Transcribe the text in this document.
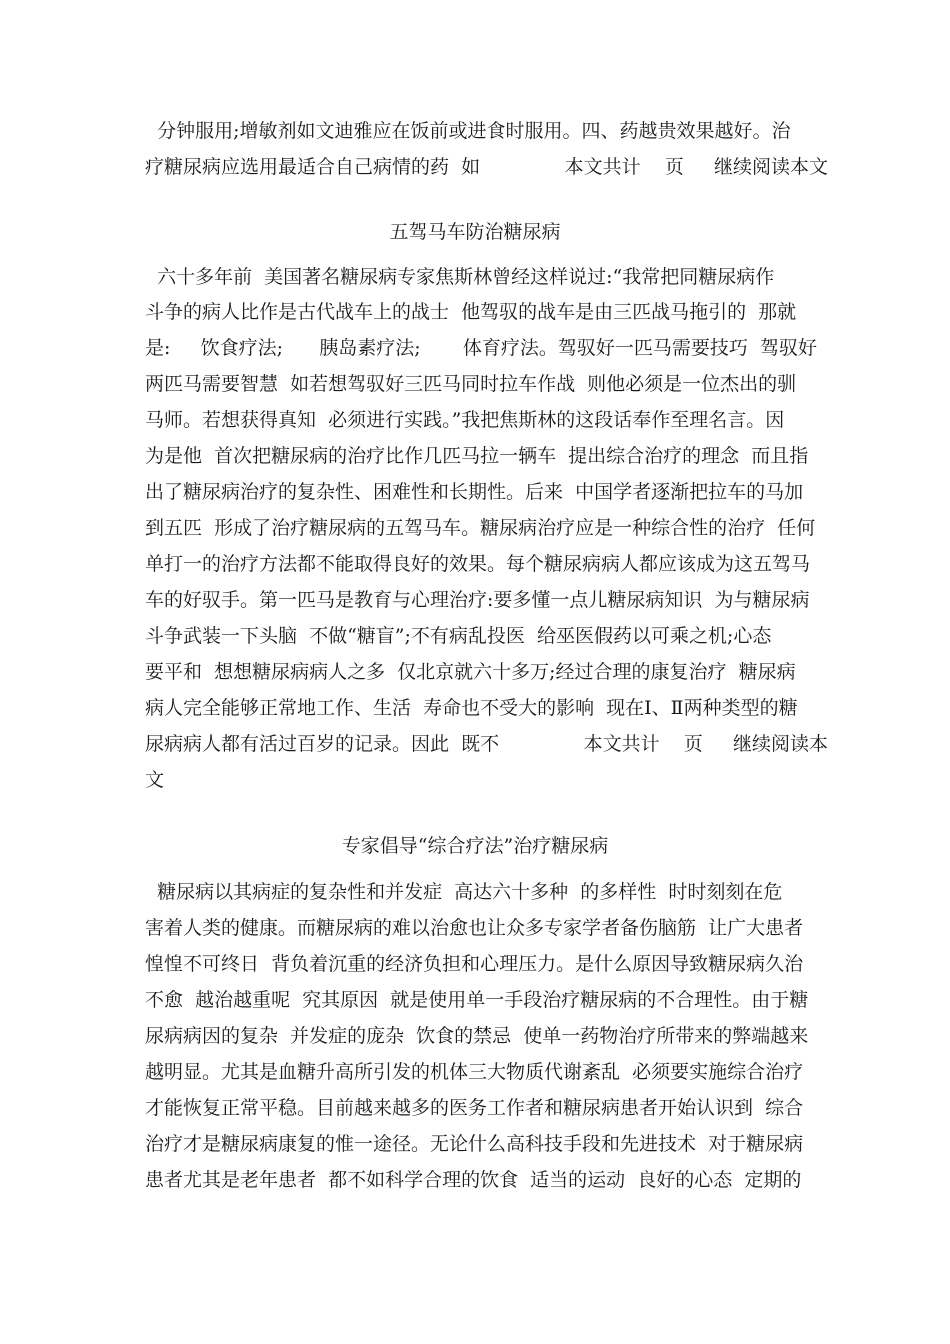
分钟服用;增敏剂如文迪雅应在饭前或进食时服用。四、药越贵效果越好。治
疗糖尿病应选用最适合自己病情的药  如              本文共计    页     继续阅读本文
五驾马车防治糖尿病
六十多年前  美国著名糖尿病专家焦斯林曾经这样说过:“我常把同糖尿病作
斗争的病人比作是古代战车上的战士  他驾驭的战车是由三匹战马拖引的  那就
是:     饮食疗法;      胰岛素疗法;       体育疗法。驾驭好一匹马需要技巧  驾驭好
两匹马需要智慧  如若想驾驭好三匹马同时拉车作战  则他必须是一位杰出的驯
马师。若想获得真知  必须进行实践。”我把焦斯林的这段话奉作至理名言。因
为是他  首次把糖尿病的治疗比作几匹马拉一辆车  提出综合治疗的理念  而且指
出了糖尿病治疗的复杂性、困难性和长期性。后来  中国学者逐渐把拉车的马加
到五匹  形成了治疗糖尿病的五驾马车。糖尿病治疗应是一种综合性的治疗  任何
单打一的治疗方法都不能取得良好的效果。每个糖尿病病人都应该成为这五驾马
车的好驭手。第一匹马是教育与心理治疗:要多懂一点儿糖尿病知识  为与糖尿病
斗争武装一下头脑  不做“糖盲”;不有病乱投医  给巫医假药以可乘之机;心态
要平和  想想糖尿病病人之多  仅北京就六十多万;经过合理的康复治疗  糖尿病
病人完全能够正常地工作、生活  寿命也不受大的影响  现在Ⅰ、Ⅱ两种类型的糖
尿病病人都有活过百岁的记录。因此  既不              本文共计    页     继续阅读本
文
专家倡导“综合疗法”治疗糖尿病
糖尿病以其病症的复杂性和并发症  高达六十多种  的多样性  时时刻刻在危
害着人类的健康。而糖尿病的难以治愈也让众多专家学者备伤脑筋  让广大患者
惶惶不可终日  背负着沉重的经济负担和心理压力。是什么原因导致糖尿病久治
不愈  越治越重呢  究其原因  就是使用单一手段治疗糖尿病的不合理性。由于糖
尿病病因的复杂  并发症的庞杂  饮食的禁忌  使单一药物治疗所带来的弊端越来
越明显。尤其是血糖升高所引发的机体三大物质代谢紊乱  必须要实施综合治疗
才能恢复正常平稳。目前越来越多的医务工作者和糖尿病患者开始认识到  综合
治疗才是糖尿病康复的惟一途径。无论什么高科技手段和先进技术  对于糖尿病
患者尤其是老年患者  都不如科学合理的饮食  适当的运动  良好的心态  定期的
